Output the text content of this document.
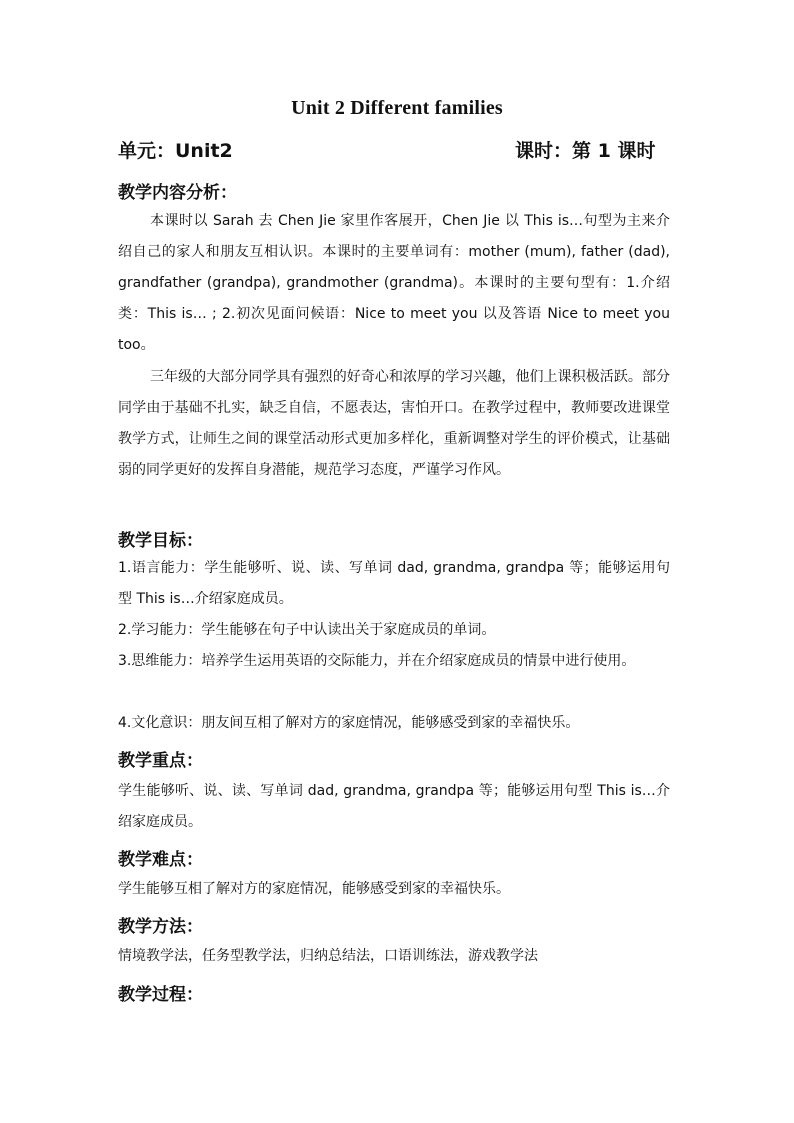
Unit 2 Different families
单元：Unit2	课时：第 1 课时
教学内容分析：
本课时以 Sarah 去 Chen Jie 家里作客展开，Chen Jie 以 This is…句型为主来介绍自己的家人和朋友互相认识。本课时的主要单词有：mother (mum), father (dad), grandfather (grandpa), grandmother (grandma)。本课时的主要句型有：1.介绍类：This is… ; 2.初次见面问候语：Nice to meet you 以及答语 Nice to meet you too。
三年级的大部分同学具有强烈的好奇心和浓厚的学习兴趣，他们上课积极活跃。部分同学由于基础不扎实，缺乏自信，不愿表达，害怕开口。在教学过程中，教师要改进课堂教学方式，让师生之间的课堂活动形式更加多样化，重新调整对学生的评价模式，让基础弱的同学更好的发挥自身潜能，规范学习态度，严谨学习作风。
教学目标：
1.语言能力：学生能够听、说、读、写单词 dad, grandma, grandpa 等；能够运用句型 This is…介绍家庭成员。
2.学习能力：学生能够在句子中认读出关于家庭成员的单词。
3.思维能力：培养学生运用英语的交际能力，并在介绍家庭成员的情景中进行使用。
4.文化意识：朋友间互相了解对方的家庭情况，能够感受到家的幸福快乐。
教学重点：
学生能够听、说、读、写单词 dad, grandma, grandpa 等；能够运用句型 This is…介绍家庭成员。
教学难点：
学生能够互相了解对方的家庭情况，能够感受到家的幸福快乐。
教学方法：
情境教学法，任务型教学法，归纳总结法，口语训练法，游戏教学法
教学过程：
